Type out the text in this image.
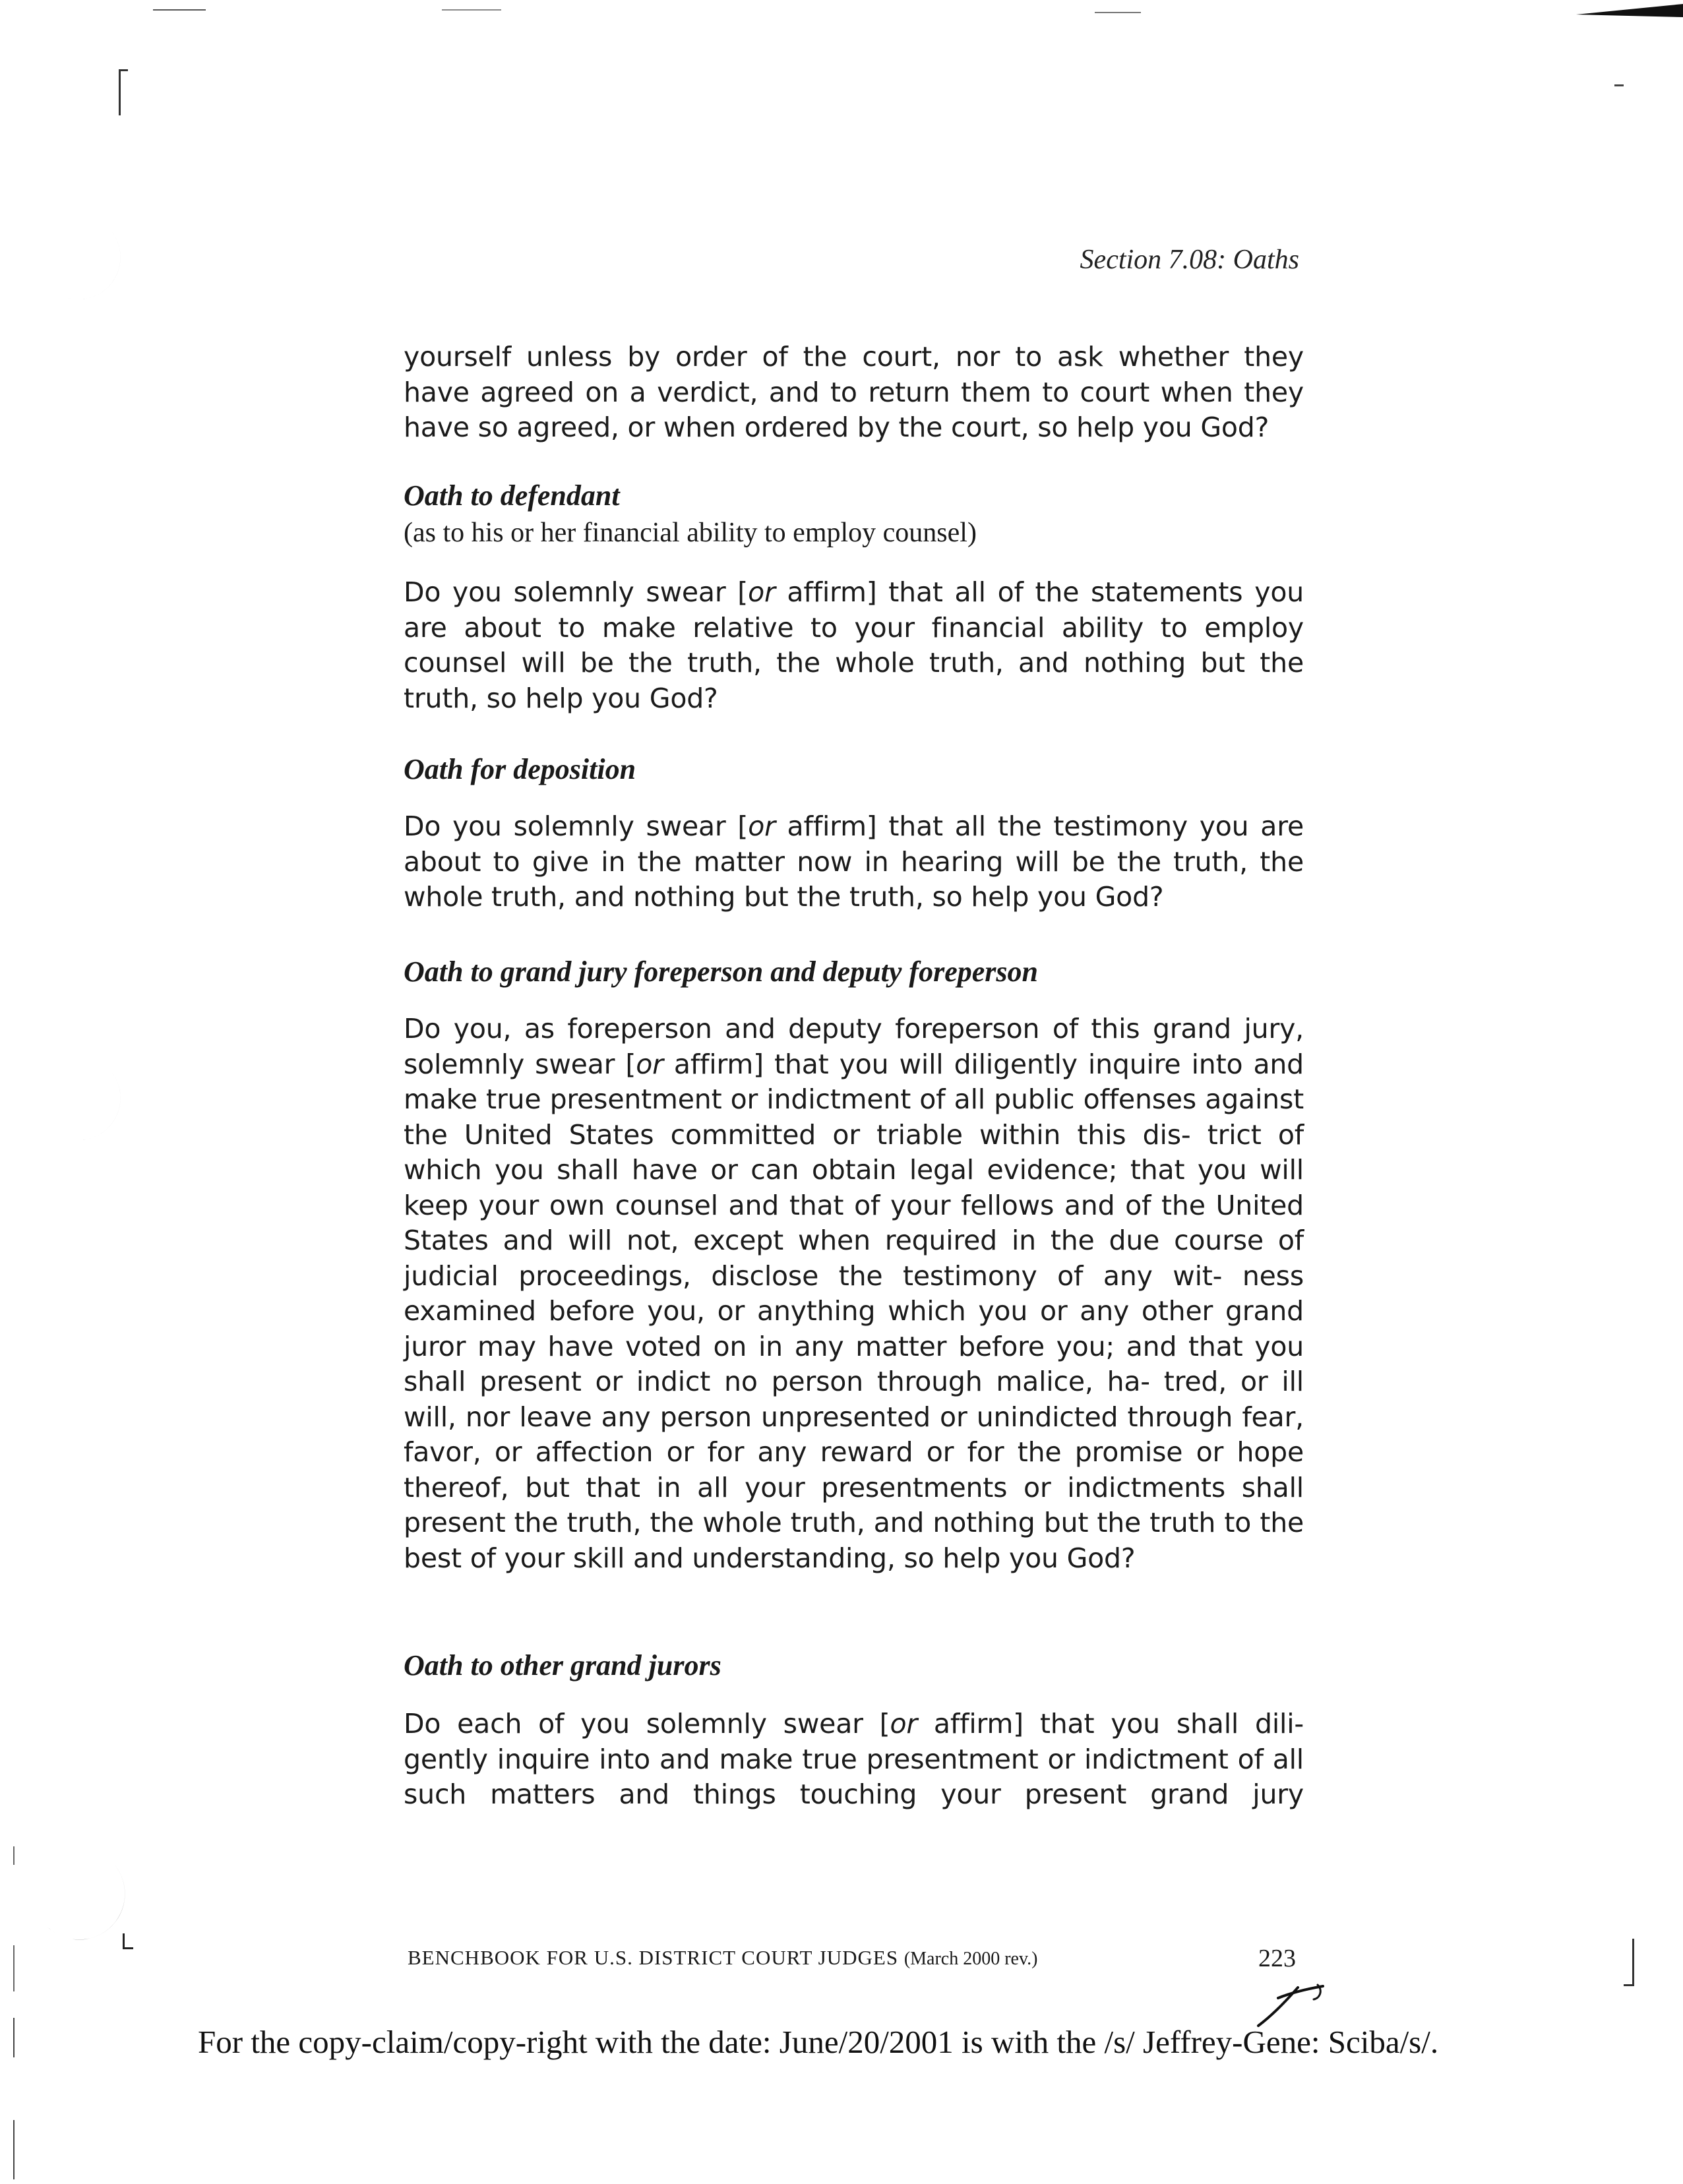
Section 7.08: Oaths
yourself unless by order of the court, nor to ask whether they have agreed on a verdict, and to return them to court when they have so agreed, or when ordered by the court, so help you God?
Oath to defendant
(as to his or her financial ability to employ counsel)
Do you solemnly swear [or affirm] that all of the statements you are about to make relative to your financial ability to employ counsel will be the truth, the whole truth, and nothing but the truth, so help you God?
Oath for deposition
Do you solemnly swear [or affirm] that all the testimony you are about to give in the matter now in hearing will be the truth, the whole truth, and nothing but the truth, so help you God?
Oath to grand jury foreperson and deputy foreperson
Do you, as foreperson and deputy foreperson of this grand jury, solemnly swear [or affirm] that you will diligently inquire into and make true presentment or indictment of all public offenses against the United States committed or triable within this dis- trict of which you shall have or can obtain legal evidence; that you will keep your own counsel and that of your fellows and of the United States and will not, except when required in the due course of judicial proceedings, disclose the testimony of any wit- ness examined before you, or anything which you or any other grand juror may have voted on in any matter before you; and that you shall present or indict no person through malice, ha- tred, or ill will, nor leave any person unpresented or unindicted through fear, favor, or affection or for any reward or for the promise or hope thereof, but that in all your presentments or indictments shall present the truth, the whole truth, and nothing but the truth to the best of your skill and understanding, so help you God?
Oath to other grand jurors
Do each of you solemnly swear [or affirm] that you shall dili- gently inquire into and make true presentment or indictment of all such matters and things touching your present grand jury
BENCHBOOK FOR U.S. DISTRICT COURT JUDGES (March 2000 rev.)	223
For the copy-claim/copy-right with the date: June/20/2001 is with the /s/ Jeffrey-Gene: Sciba/s/.
